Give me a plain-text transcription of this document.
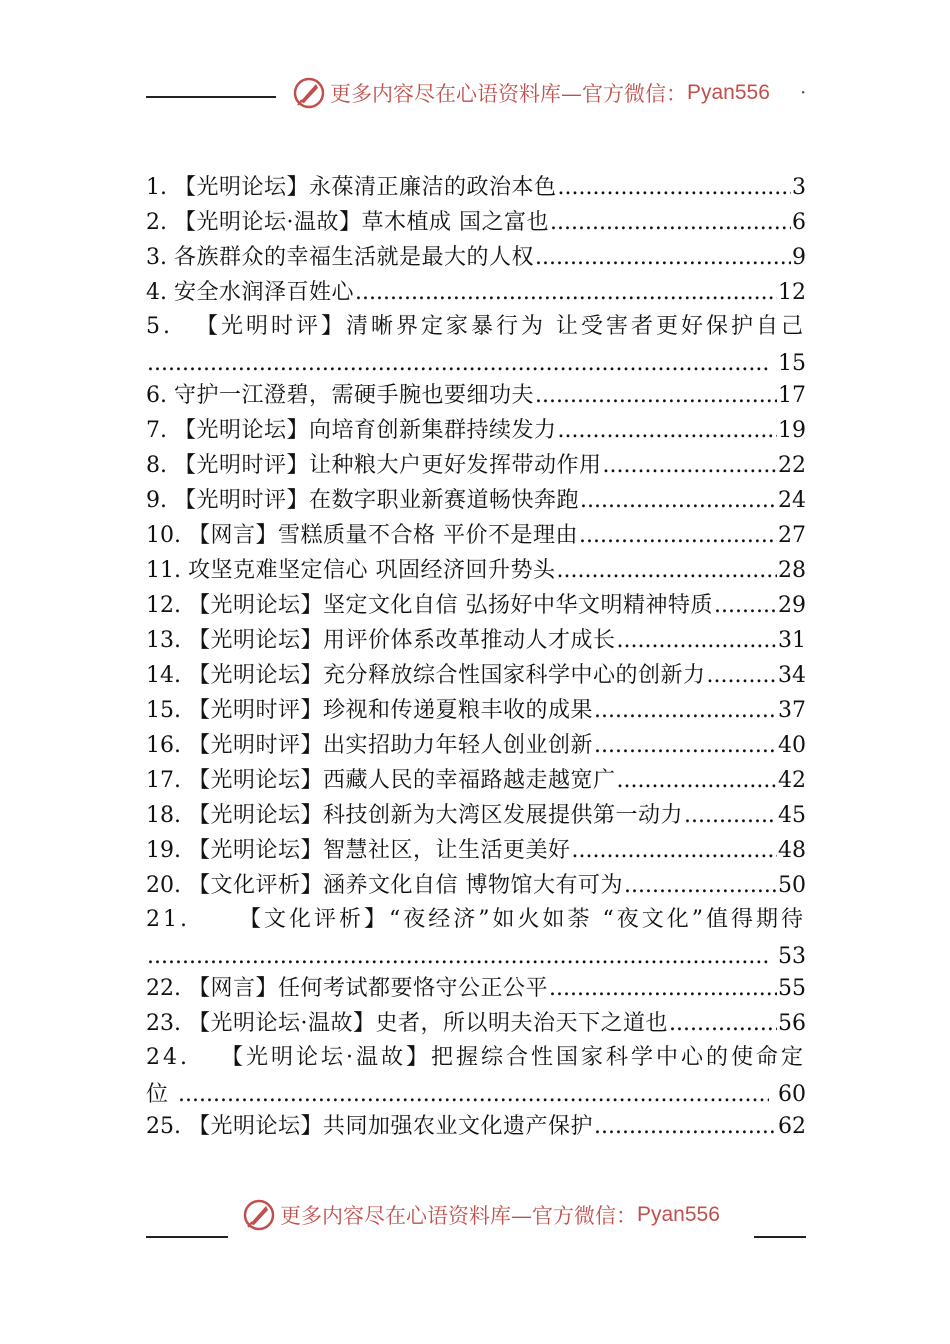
更多内容尽在心语资料库—官方微信： Pyan556 ·
1.
【光明论坛】永葆清正廉洁的政治本色 .....	3
2.
【光明论坛·温故】草木植成 国之富也 .....	6
3.
各族群众的幸福生活就是最大的人权 .....	9
4.
安全水润泽百姓心 .....	12
5. 【光明时评】清晰界定家暴行为 让受害者更好保护自己
.....
15
6.
守护一江澄碧，需硬手腕也要细功夫 .....	17
7.
【光明论坛】向培育创新集群持续发力 .....	19
8.
【光明时评】让种粮大户更好发挥带动作用 .....	22
9.
【光明时评】在数字职业新赛道畅快奔跑 .....	24
10.
【网言】雪糕质量不合格 平价不是理由 .....	27
11.
攻坚克难坚定信心 巩固经济回升势头 .....	28
12.
【光明论坛】坚定文化自信 弘扬好中华文明精神特质 .....	29
13.
【光明论坛】用评价体系改革推动人才成长 .....	31
14.
【光明论坛】充分释放综合性国家科学中心的创新力 .....	34
15.
【光明时评】珍视和传递夏粮丰收的成果 .....	37
16.
【光明时评】出实招助力年轻人创业创新 .....	40
17.
【光明论坛】西藏人民的幸福路越走越宽广 .....	42
18.
【光明论坛】科技创新为大湾区发展提供第一动力 .....	45
19.
【光明论坛】智慧社区，让生活更美好 .....	48
20.
【文化评析】涵养文化自信 博物馆大有可为 .....	50
21. 【文化评析】“夜经济”如火如荼 “夜文化”值得期待
.....
53
22.
【网言】任何考试都要恪守公正公平 .....	55
23.
【光明论坛·温故】史者，所以明夫治天下之道也 .....	56
24. 【光明论坛·温故】把握综合性国家科学中心的使命定
位 .....	60
25.
【光明论坛】共同加强农业文化遗产保护 .....	62
更多内容尽在心语资料库—官方微信： Pyan556
